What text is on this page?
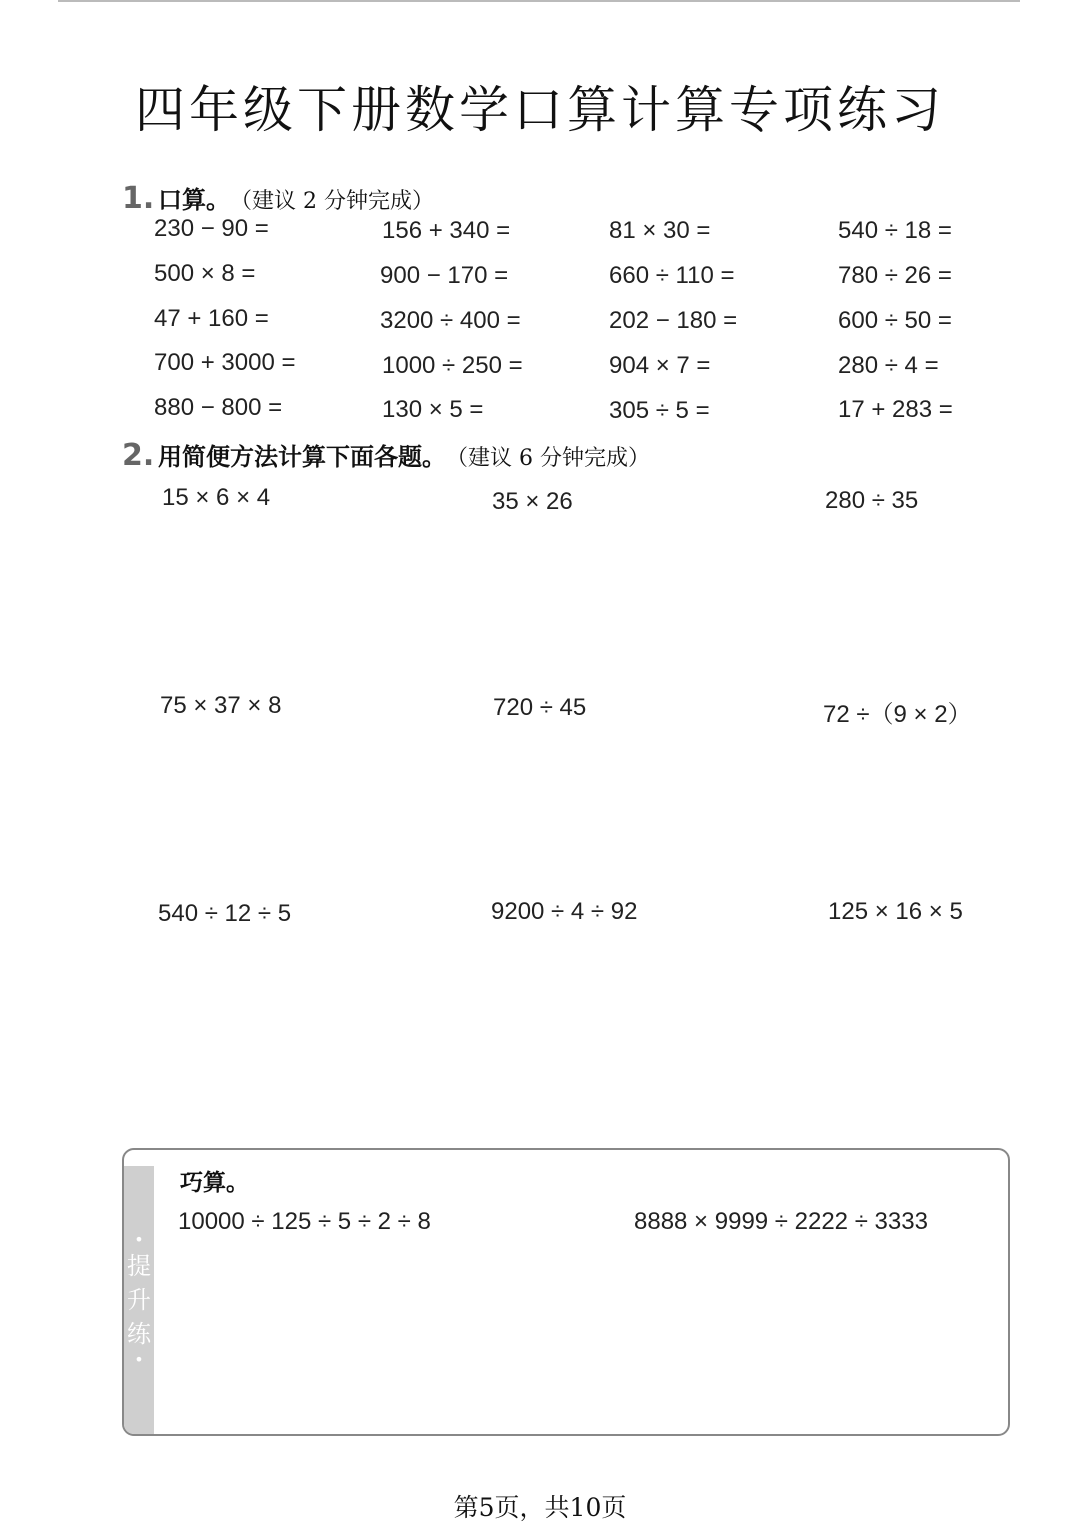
四年级下册数学口算计算专项练习
1. 口算。 （建议 2 分钟完成）
230 − 90 =	156 + 340 =	81 × 30 =	540 ÷ 18 =
500 × 8 =	900 − 170 =	660 ÷ 110 =	780 ÷ 26 =
47 + 160 =	3200 ÷ 400 =	202 − 180 =	600 ÷ 50 =
700 + 3000 =	1000 ÷ 250 =	904 × 7 =	280 ÷ 4 =
880 − 800 =	130 × 5 =	305 ÷ 5 =	17 + 283 =
2. 用简便方法计算下面各题。 （建议 6 分钟完成）
15 × 6 × 4	35 × 26	280 ÷ 35
75 × 37 × 8	720 ÷ 45	72 ÷（9 × 2）
540 ÷ 12 ÷ 5	9200 ÷ 4 ÷ 92	125 × 16 × 5
•
提
升
练
•
巧算。
10000 ÷ 125 ÷ 5 ÷ 2 ÷ 8	8888 × 9999 ÷ 2222 ÷ 3333
第5页，共10页
